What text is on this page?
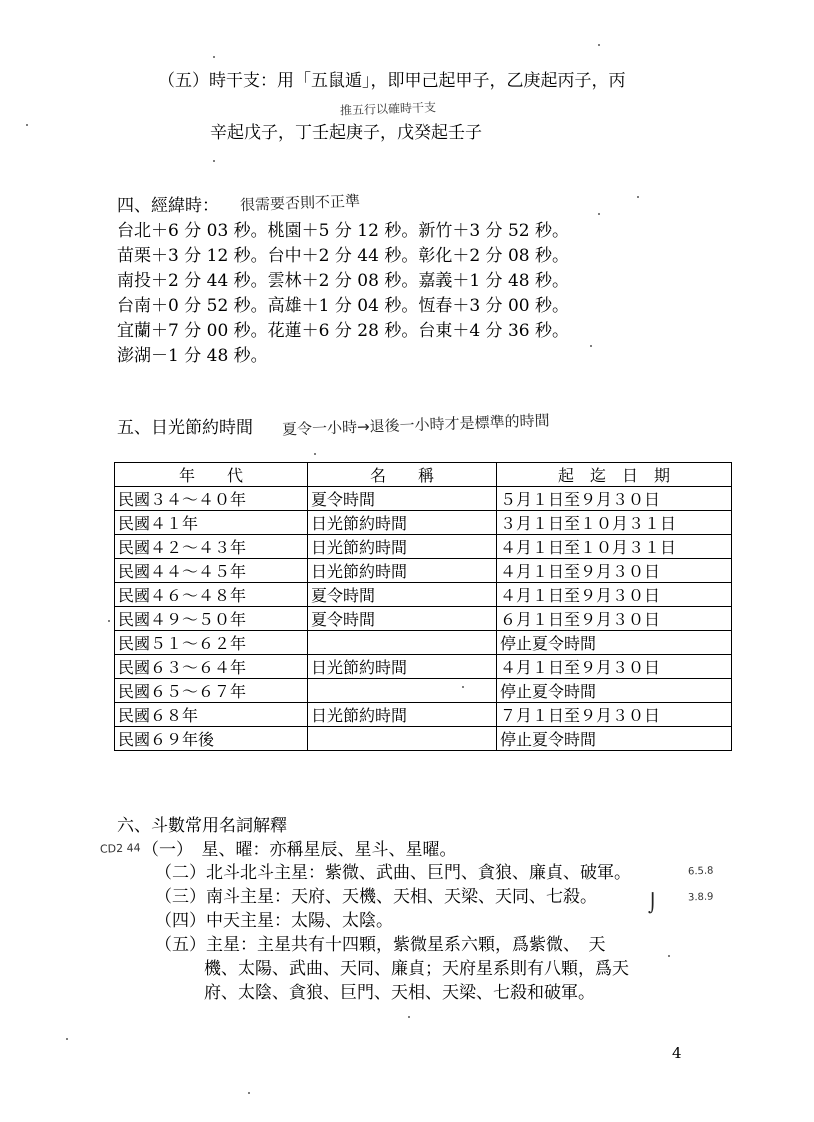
（五）時干支：用「五鼠遁」，即甲己起甲子，乙庚起丙子，丙
推五行以確時干支
辛起戊子，丁壬起庚子，戊癸起壬子
四、經緯時： 很需要否則不正準
台北＋6 分 03 秒。桃園＋5 分 12 秒。新竹＋3 分 52 秒。
苗栗＋3 分 12 秒。台中＋2 分 44 秒。彰化＋2 分 08 秒。
南投＋2 分 44 秒。雲林＋2 分 08 秒。嘉義＋1 分 48 秒。
台南＋0 分 52 秒。高雄＋1 分 04 秒。恆春＋3 分 00 秒。
宜蘭＋7 分 00 秒。花蓮＋6 分 28 秒。台東＋4 分 36 秒。
澎湖－1 分 48 秒。
五、日光節約時間 夏令一小時→退後一小時才是標準的時間
年　　代	名　　稱	起　迄　日　期
民國３４～４０年	夏令時間	５月１日至９月３０日
民國４１年	日光節約時間	３月１日至１０月３１日
民國４２～４３年	日光節約時間	４月１日至１０月３１日
民國４４～４５年	日光節約時間	４月１日至９月３０日
民國４６～４８年	夏令時間	４月１日至９月３０日
民國４９～５０年	夏令時間	６月１日至９月３０日
民國５１～６２年		停止夏令時間
民國６３～６４年	日光節約時間	４月１日至９月３０日
民國６５～６７年		停止夏令時間
民國６８年	日光節約時間	７月１日至９月３０日
民國６９年後		停止夏令時間
六、斗數常用名詞解釋
CD2 44 （一）　星、曜：亦稱星辰、星斗、星曜。
（二）北斗北斗主星：紫微、武曲、巨門、貪狼、廉貞、破軍。	6.5.8
（三）南斗主星：天府、天機、天相、天梁、天同、七殺。	3.8.9
⌡
（四）中天主星：太陽、太陰。
（五）主星：主星共有十四顆，紫微星系六顆，爲紫微、　天
機、太陽、武曲、天同、廉貞；天府星系則有八顆，爲天
府、太陰、貪狼、巨門、天相、天梁、七殺和破軍。
4
